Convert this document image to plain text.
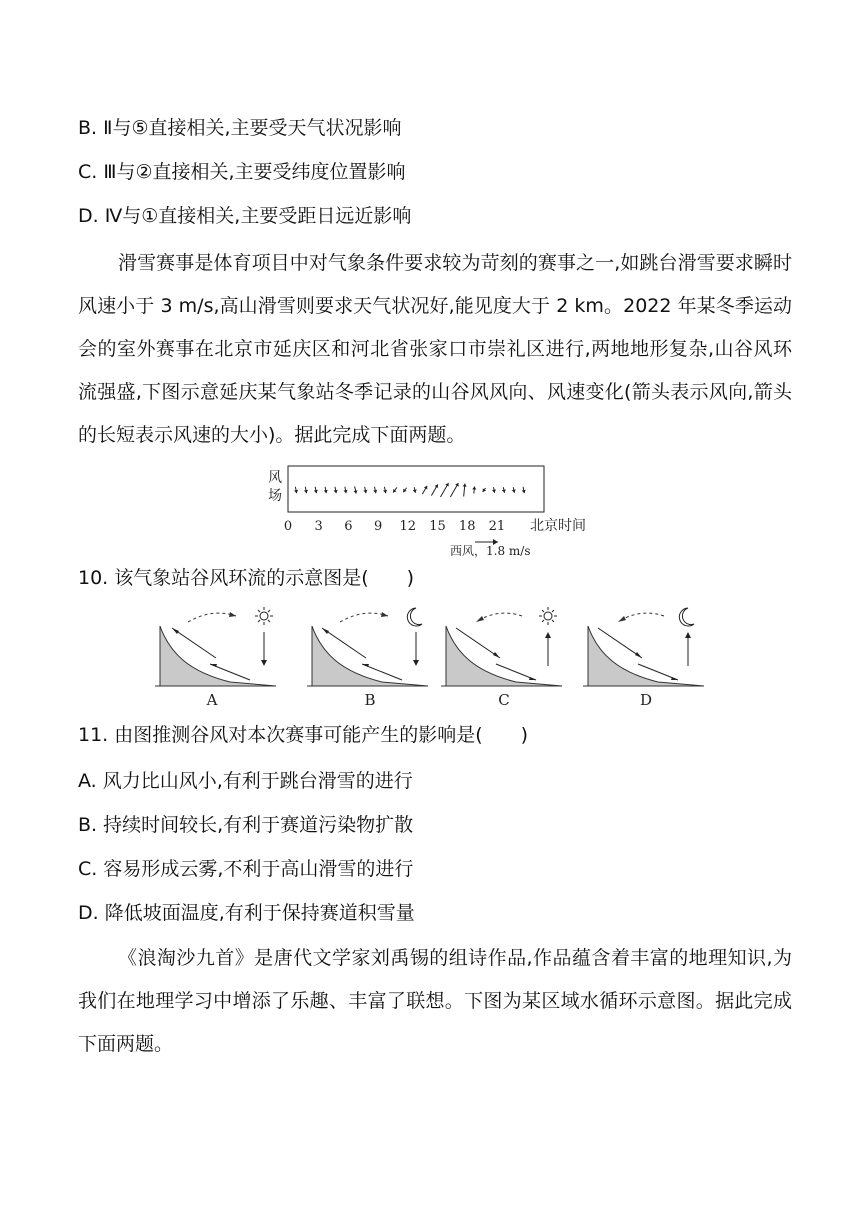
B. Ⅱ与⑤直接相关,主要受天气状况影响
C. Ⅲ与②直接相关,主要受纬度位置影响
D. Ⅳ与①直接相关,主要受距日远近影响
滑雪赛事是体育项目中对气象条件要求较为苛刻的赛事之一,如跳台滑雪要求瞬时风速小于 3 m/s,高山滑雪则要求天气状况好,能见度大于 2 km。2022 年某冬季运动会的室外赛事在北京市延庆区和河北省张家口市崇礼区进行,两地地形复杂,山谷风环流强盛,下图示意延庆某气象站冬季记录的山谷风风向、风速变化(箭头表示风向,箭头的长短表示风速的大小)。据此完成下面两题。
风
场
0 3 6 9 12 15 18 21 北京时间
西风，1.8 m/s
10. 该气象站谷风环流的示意图是(　　)
A	B	C	D
11. 由图推测谷风对本次赛事可能产生的影响是(　　)
A. 风力比山风小,有利于跳台滑雪的进行
B. 持续时间较长,有利于赛道污染物扩散
C. 容易形成云雾,不利于高山滑雪的进行
D. 降低坡面温度,有利于保持赛道积雪量
《浪淘沙九首》是唐代文学家刘禹锡的组诗作品,作品蕴含着丰富的地理知识,为我们在地理学习中增添了乐趣、丰富了联想。下图为某区域水循环示意图。据此完成下面两题。
